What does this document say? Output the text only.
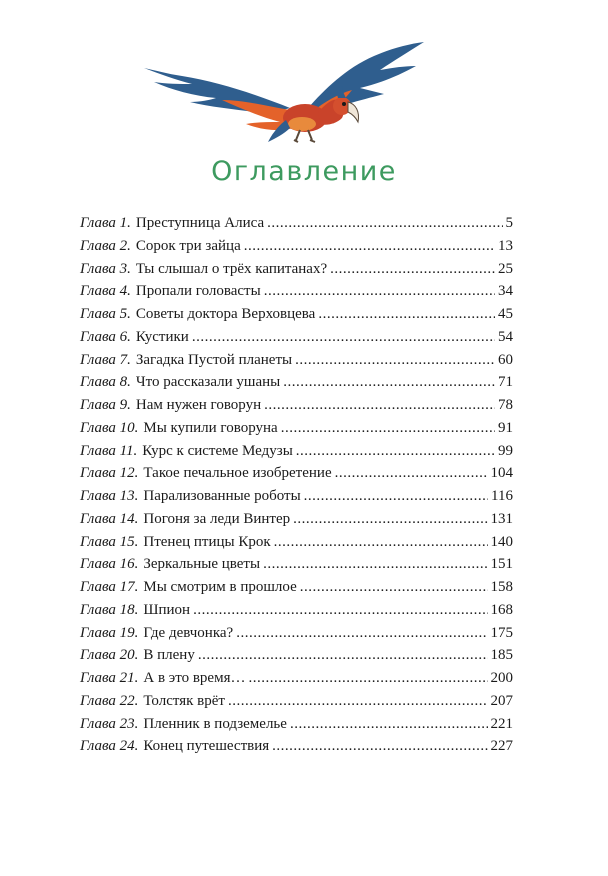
Оглавление
Глава 1. Преступница Алиса .....	5
Глава 2. Сорок три зайца .....	13
Глава 3. Ты слышал о трёх капитанах? .....	25
Глава 4. Пропали головасты .....	34
Глава 5. Советы доктора Верховцева .....	45
Глава 6. Кустики .....	54
Глава 7. Загадка Пустой планеты .....	60
Глава 8. Что рассказали ушаны .....	71
Глава 9. Нам нужен говорун .....	78
Глава 10. Мы купили говоруна .....	91
Глава 11. Курс к системе Медузы .....	99
Глава 12. Такое печальное изобретение .....	104
Глава 13. Парализованные роботы .....	116
Глава 14. Погоня за леди Винтер .....	131
Глава 15. Птенец птицы Крок .....	140
Глава 16. Зеркальные цветы .....	151
Глава 17. Мы смотрим в прошлое .....	158
Глава 18. Шпион .....	168
Глава 19. Где девчонка? .....	175
Глава 20. В плену .....	185
Глава 21. А в это время… .....	200
Глава 22. Толстяк врёт .....	207
Глава 23. Пленник в подземелье .....	221
Глава 24. Конец путешествия .....	227
